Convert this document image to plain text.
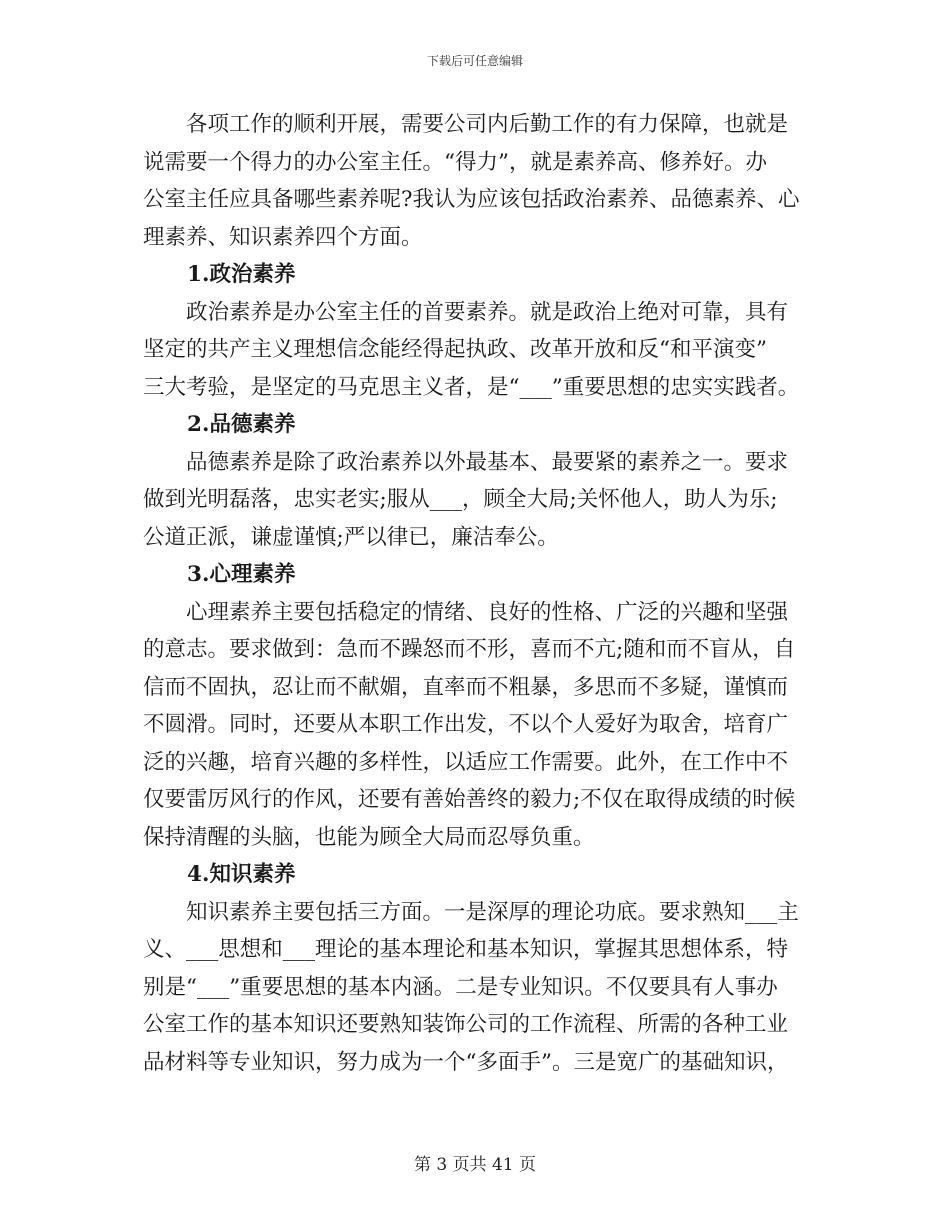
下载后可任意编辑

　　各项工作的顺利开展，需要公司内后勤工作的有力保障，也就是

说需要一个得力的办公室主任。“得力”，就是素养高、修养好。办

公室主任应具备哪些素养呢?我认为应该包括政治素养、品德素养、心

理素养、知识素养四个方面。

1.政治素养

　　政治素养是办公室主任的首要素养。就是政治上绝对可靠，具有

坚定的共产主义理想信念能经得起执政、改革开放和反“和平演变”

三大考验，是坚定的马克思主义者，是“___”重要思想的忠实实践者。

2.品德素养

　　品德素养是除了政治素养以外最基本、最要紧的素养之一。要求

做到光明磊落，忠实老实;服从___，顾全大局;关怀他人，助人为乐;

公道正派，谦虚谨慎;严以律已，廉洁奉公。

3.心理素养

　　心理素养主要包括稳定的情绪、良好的性格、广泛的兴趣和坚强

的意志。要求做到：急而不躁怒而不形，喜而不亢;随和而不盲从，自

信而不固执，忍让而不献媚，直率而不粗暴，多思而不多疑，谨慎而

不圆滑。同时，还要从本职工作出发，不以个人爱好为取舍，培育广

泛的兴趣，培育兴趣的多样性，以适应工作需要。此外，在工作中不

仅要雷厉风行的作风，还要有善始善终的毅力;不仅在取得成绩的时候

保持清醒的头脑，也能为顾全大局而忍辱负重。

4.知识素养

　　知识素养主要包括三方面。一是深厚的理论功底。要求熟知___主

义、___思想和___理论的基本理论和基本知识，掌握其思想体系，特

别是“___”重要思想的基本内涵。二是专业知识。不仅要具有人事办

公室工作的基本知识还要熟知装饰公司的工作流程、所需的各种工业

品材料等专业知识，努力成为一个“多面手”。三是宽广的基础知识，

第 3 页共 41 页
